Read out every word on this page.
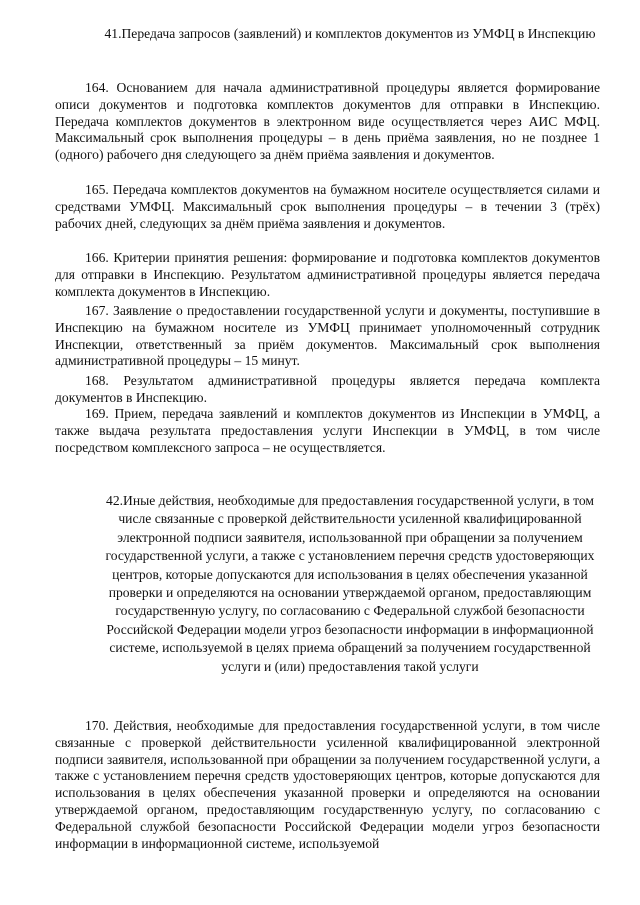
41.Передача запросов (заявлений) и комплектов документов из УМФЦ в Инспекцию
164. Основанием для начала административной процедуры является формирование описи документов и подготовка комплектов документов для отправки в Инспекцию. Передача комплектов документов в электронном виде осуществляется через АИС МФЦ. Максимальный срок выполнения процедуры – в день приёма заявления, но не позднее 1 (одного) рабочего дня следующего за днём приёма заявления и документов.
165. Передача комплектов документов на бумажном носителе осуществляется силами и средствами УМФЦ. Максимальный срок выполнения процедуры – в течении 3 (трёх) рабочих дней, следующих за днём приёма заявления и документов.
166. Критерии принятия решения: формирование и подготовка комплектов документов для отправки в Инспекцию. Результатом административной процедуры является передача комплекта документов в Инспекцию.
167. Заявление о предоставлении государственной услуги и документы, поступившие в Инспекцию на бумажном носителе из УМФЦ принимает уполномоченный сотрудник Инспекции, ответственный за приём документов. Максимальный срок выполнения административной процедуры – 15 минут.
168. Результатом административной процедуры является передача комплекта документов в Инспекцию.
169. Прием, передача заявлений и комплектов документов из Инспекции в УМФЦ, а также выдача результата предоставления услуги Инспекции в УМФЦ, в том числе посредством комплексного запроса – не осуществляется.
42.Иные действия, необходимые для предоставления государственной услуги, в том числе связанные с проверкой действительности усиленной квалифицированной электронной подписи заявителя, использованной при обращении за получением государственной услуги, а также с установлением перечня средств удостоверяющих центров, которые допускаются для использования в целях обеспечения указанной проверки и определяются на основании утверждаемой органом, предоставляющим государственную услугу, по согласованию с Федеральной службой безопасности Российской Федерации модели угроз безопасности информации в информационной системе, используемой в целях приема обращений за получением государственной услуги и (или) предоставления такой услуги
170. Действия, необходимые для предоставления государственной услуги, в том числе связанные с проверкой действительности усиленной квалифицированной электронной подписи заявителя, использованной при обращении за получением государственной услуги, а также с установлением перечня средств удостоверяющих центров, которые допускаются для использования в целях обеспечения указанной проверки и определяются на основании утверждаемой органом, предоставляющим государственную услугу, по согласованию с Федеральной службой безопасности Российской Федерации модели угроз безопасности информации в информационной системе, используемой
